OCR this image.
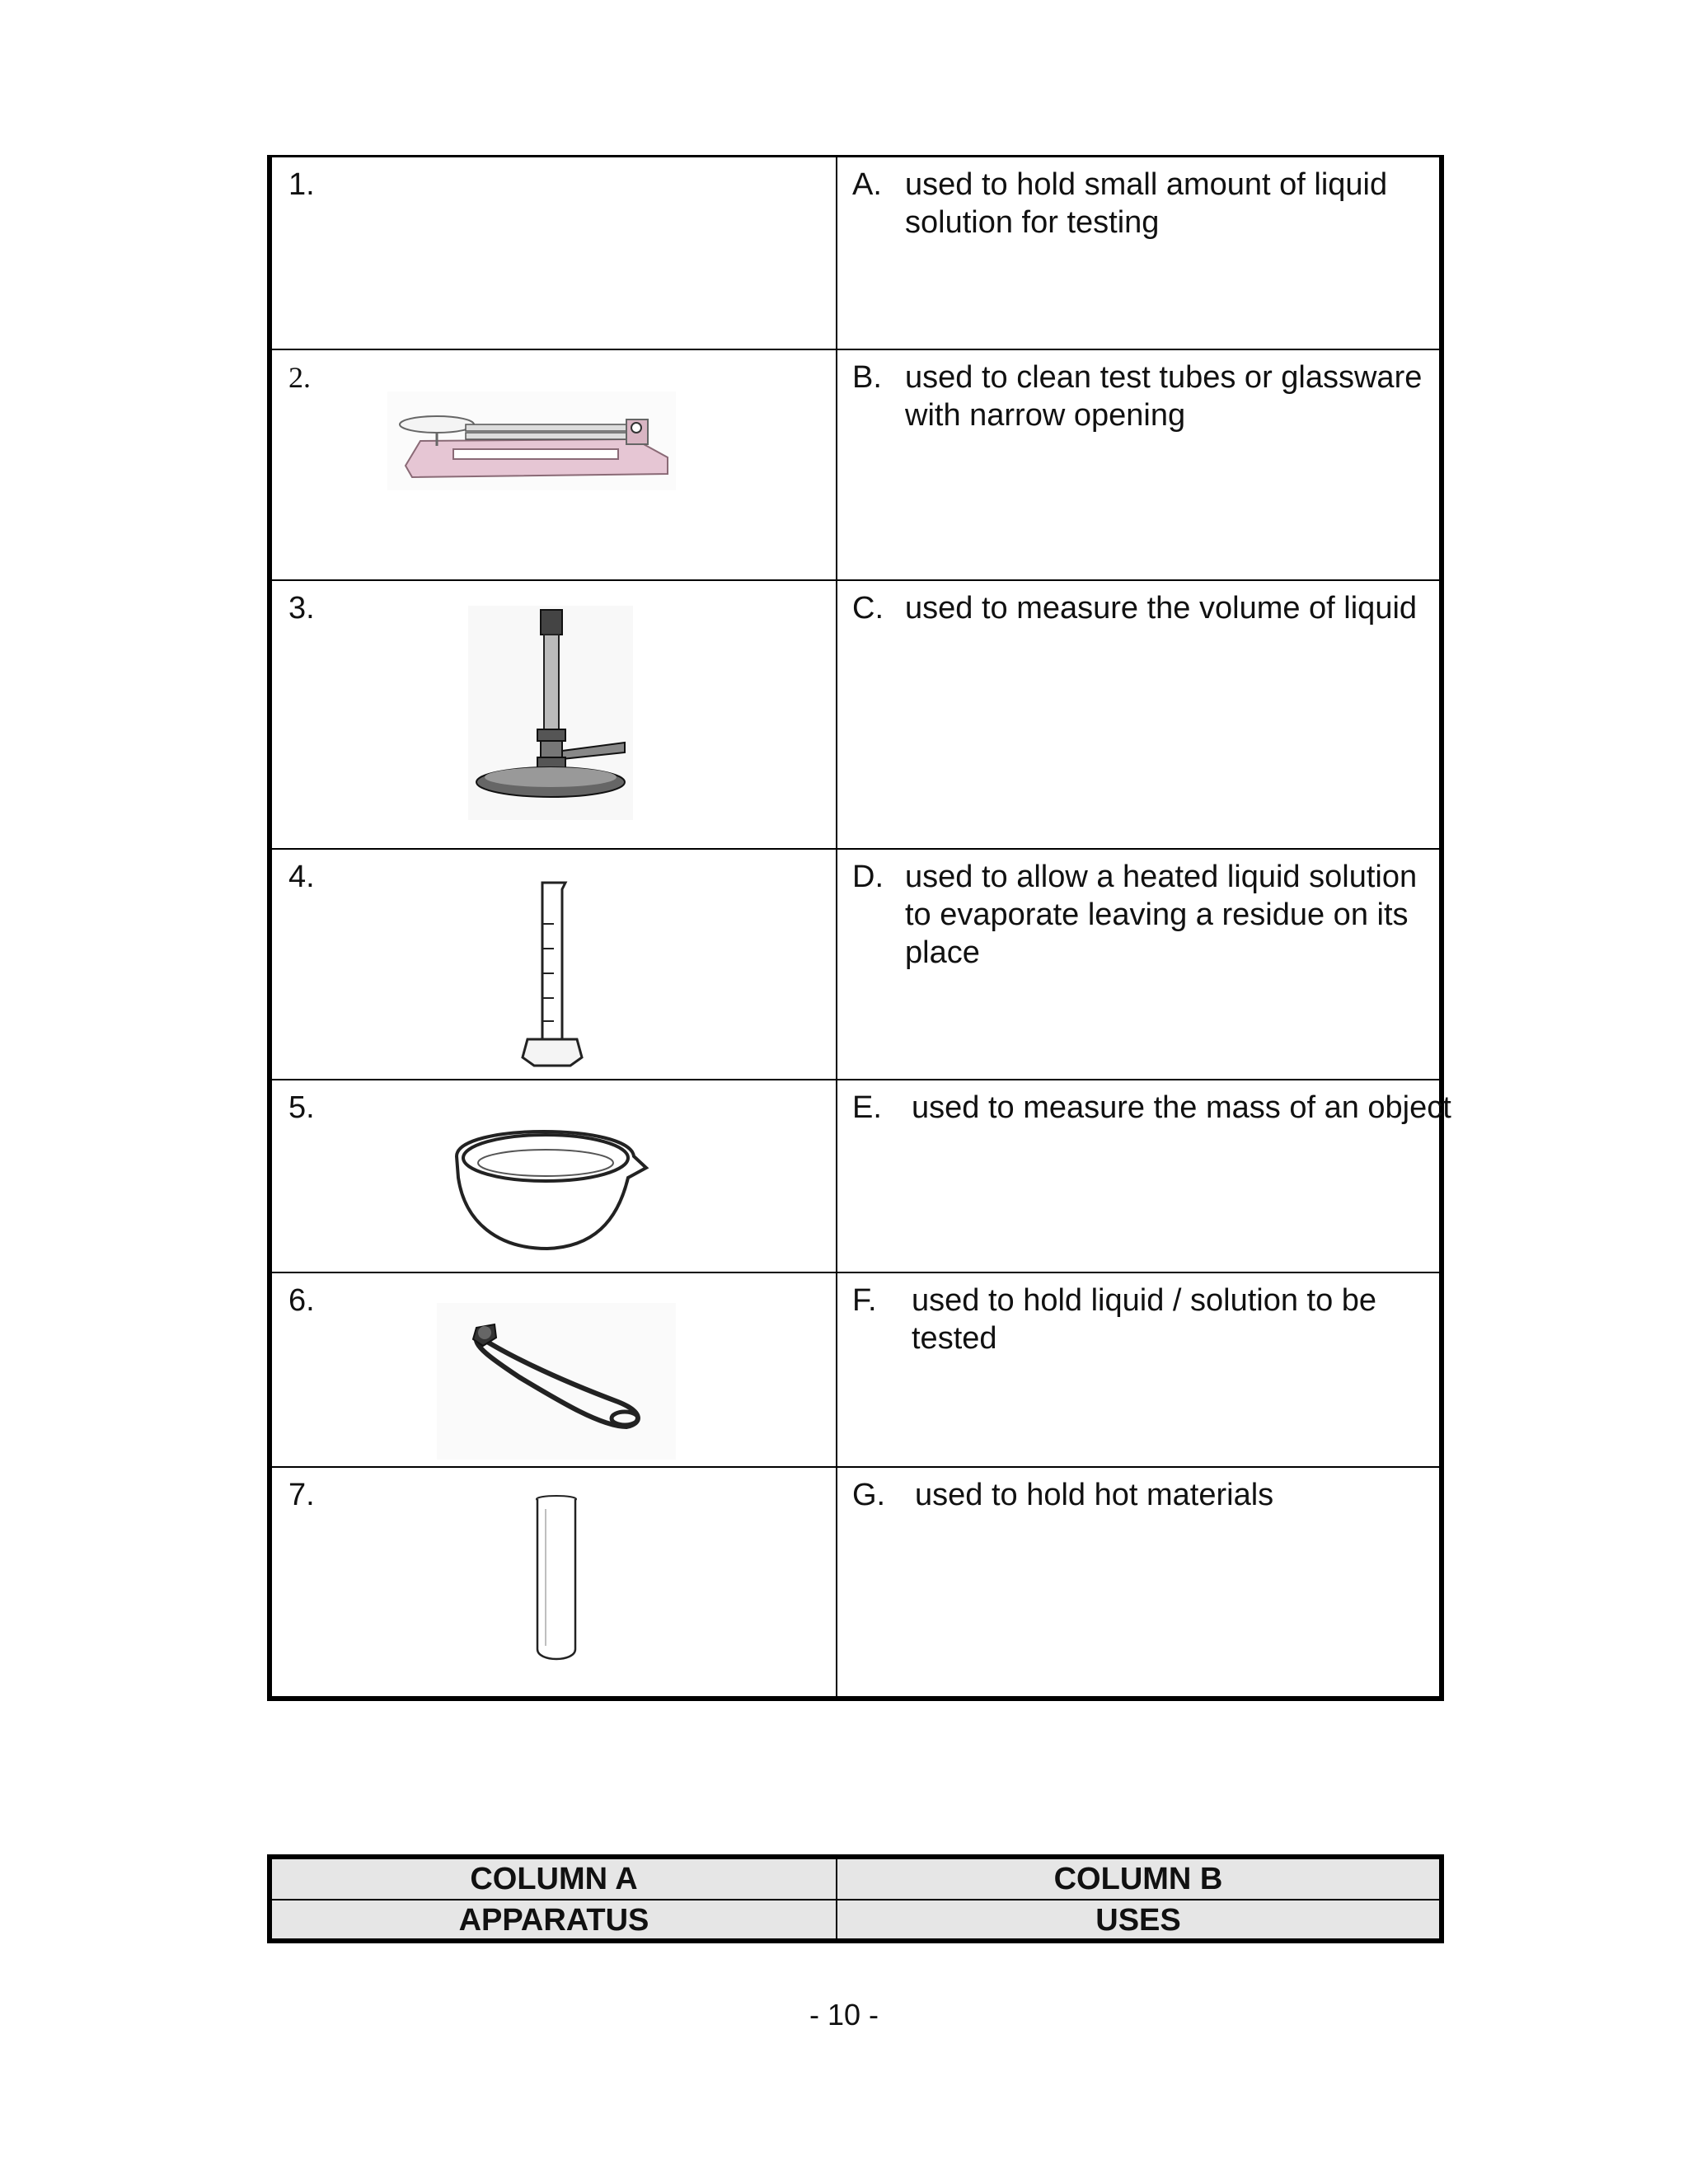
1.	A. used to hold small amount of liquid solution for testing
2.	B. used to clean test tubes or glassware with narrow opening
3.	C. used to measure the volume of liquid
4.	D. used to allow a heated liquid solution to evaporate leaving a residue on its place
5.	E. used to measure the mass of an object
6.	F. used to hold liquid / solution to be tested
7.	G. used to hold hot materials
COLUMN A	COLUMN B
APPARATUS	USES
- 10 -
